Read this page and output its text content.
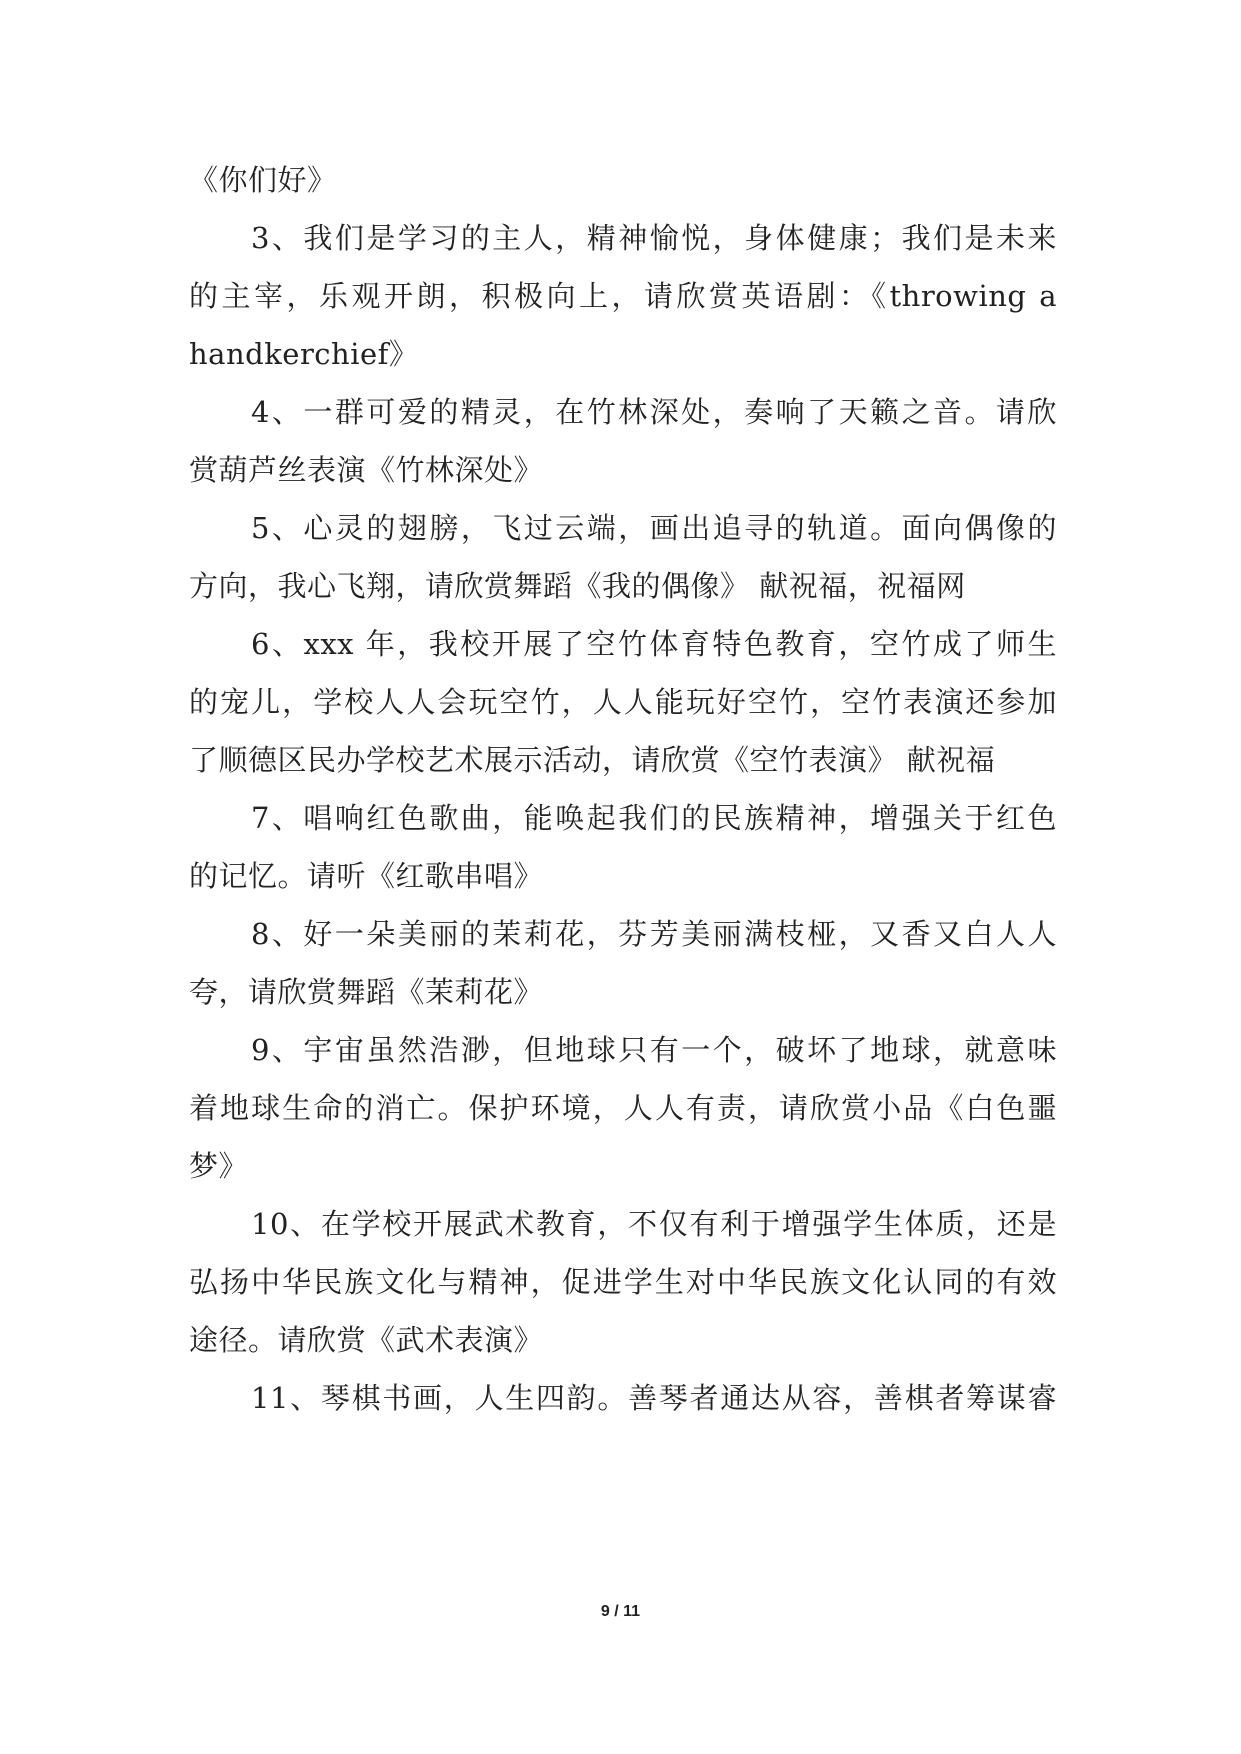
《你们好》
3、我们是学习的主人，精神愉悦，身体健康；我们是未来
的主宰，乐观开朗，积极向上，请欣赏英语剧：《throwing a
handkerchief》
4、一群可爱的精灵，在竹林深处，奏响了天籁之音。请欣
赏葫芦丝表演《竹林深处》
5、心灵的翅膀，飞过云端，画出追寻的轨道。面向偶像的
方向，我心飞翔，请欣赏舞蹈《我的偶像》 献祝福，祝福网
6、xxx 年，我校开展了空竹体育特色教育，空竹成了师生
的宠儿，学校人人会玩空竹，人人能玩好空竹，空竹表演还参加
了顺德区民办学校艺术展示活动，请欣赏《空竹表演》 献祝福
7、唱响红色歌曲，能唤起我们的民族精神，增强关于红色
的记忆。请听《红歌串唱》
8、好一朵美丽的茉莉花，芬芳美丽满枝桠，又香又白人人
夸，请欣赏舞蹈《茉莉花》
9、宇宙虽然浩渺，但地球只有一个，破坏了地球，就意味
着地球生命的消亡。保护环境，人人有责，请欣赏小品《白色噩
梦》
10、在学校开展武术教育，不仅有利于增强学生体质，还是
弘扬中华民族文化与精神，促进学生对中华民族文化认同的有效
途径。请欣赏《武术表演》
11、琴棋书画，人生四韵。善琴者通达从容，善棋者筹谋睿
9 / 11
